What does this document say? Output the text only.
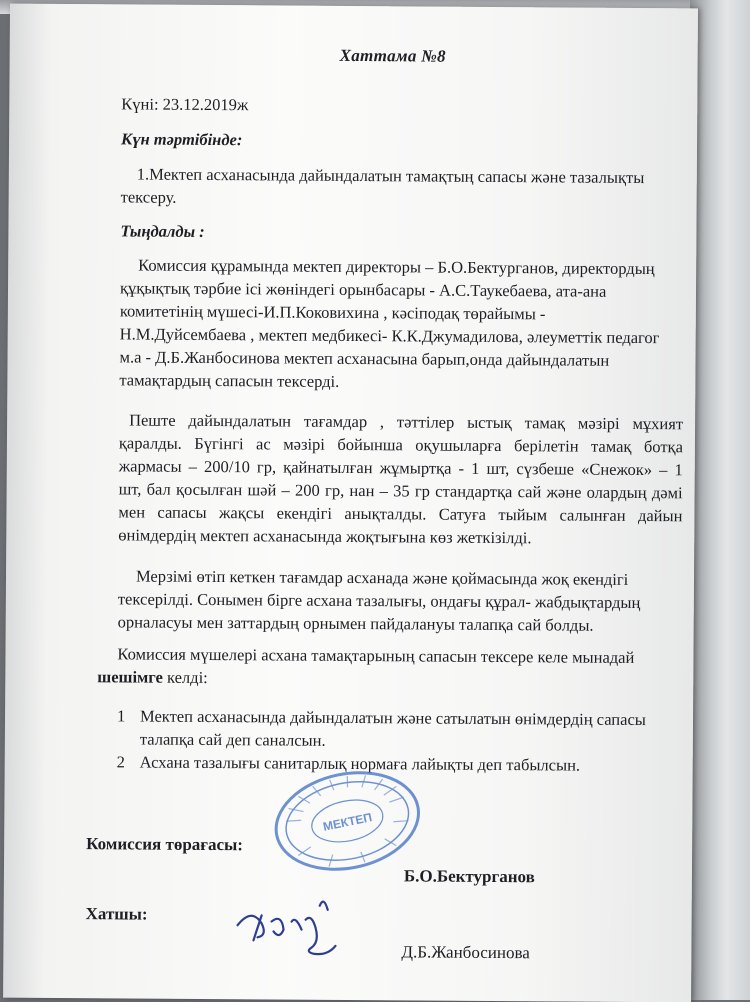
Хаттама №8
Күні: 23.12.2019ж
Күн тәртібінде:
1.Мектеп асханасында дайындалатын тамақтың сапасы және тазалықты
тексеру.
Тыңдалды :
Комиссия құрамында мектеп директоры – Б.О.Бектурганов, директордың
құқықтық тәрбие ісі жөніндегі орынбасары - А.С.Таукебаева, ата-ана
комитетінің мүшесі-И.П.Коковихина , кәсіподақ төрайымы -
Н.М.Дуйсембаева , мектеп медбикесі- К.К.Джумадилова, әлеуметтік педагог
м.а - Д.Б.Жанбосинова мектеп асханасына барып,онда дайындалатын
тамақтардың сапасын тексерді.
Пеште дайындалатын тағамдар , тәттілер ыстық тамақ мәзірі мұхият
қаралды. Бүгінгі ас мәзірі бойынша оқушыларға берілетін тамақ ботқа
жармасы – 200/10 гр, қайнатылған жұмыртқа - 1 шт, сүзбеше «Снежок» – 1
шт, бал қосылған шәй – 200 гр, нан – 35 гр стандартқа сай және олардың дәмі
мен сапасы жақсы екендігі анықталды. Сатуға тыйым салынған дайын
өнімдердің мектеп асханасында жоқтығына көз жеткізілді.
Мерзімі өтіп кеткен тағамдар асханада және қоймасында жоқ екендігі
тексерілді. Сонымен бірге асхана тазалығы, ондағы құрал- жабдықтардың
орналасуы мен заттардың орнымен пайдалануы талапқа сай болды.
Комиссия мүшелері асхана тамақтарының сапасын тексере келе мынадай
шешімге келді:
1 Мектеп асханасында дайындалатын және сатылатын өнімдердің сапасы
талапқа сай деп саналсын.
2 Асхана тазалығы санитарлық нормаға лайықты деп табылсын.
МЕКТЕП
Комиссия төрағасы:
Б.О.Бектурганов
Хатшы:
Жан	Д.Б.Жанбосинова
